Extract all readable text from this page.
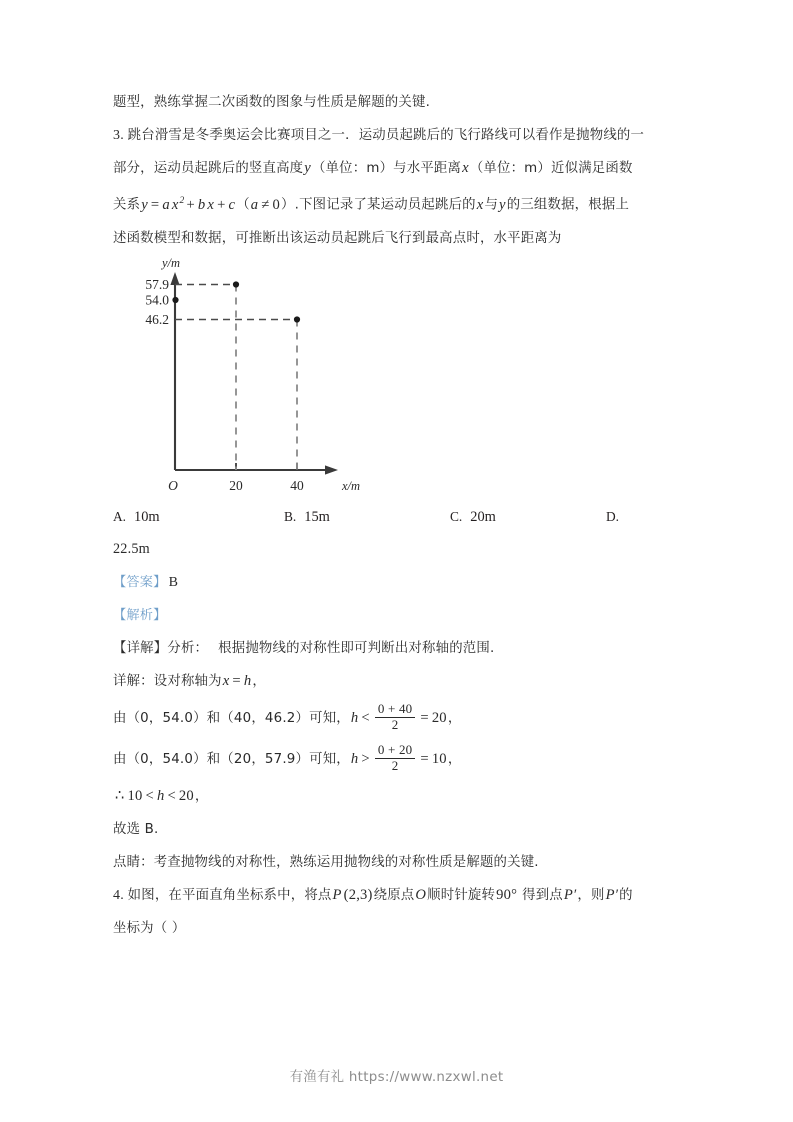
题型，熟练掌握二次函数的图象与性质是解题的关键.
3. 跳台滑雪是冬季奥运会比赛项目之一．运动员起跳后的飞行路线可以看作是抛物线的一
部分，运动员起跳后的竖直高度y（单位：m）与水平距离x（单位：m）近似满足函数
关系y = a $x^2 + b$ x + c（a ≠ 0）.下图记录了某运动员起跳后的x与y的三组数据，根据上
述函数模型和数据，可推断出该运动员起跳后飞行到最高点时，水平距离为
57.9
54.0
46.2
y/m
O	20	40	x/m
A. 10m	B. 15m	C. 20m	D.
22.5m
【答案】 B
【解析】
【详解】分析： 根据抛物线的对称性即可判断出对称轴的范围.
详解：设对称轴为x = h，
由（0，54.0）和（40，46.2）可知，$h < \frac{0 + 40}{2} = 20$，
由（0，54.0）和（20，57.9）可知，$h > \frac{0 + 20}{2} = 10$，
∴ 10 < h < 20，
故选 B.
点睛：考查抛物线的对称性，熟练运用抛物线的对称性质是解题的关键.
4. 如图，在平面直角坐标系中，将点P (2,3)绕原点O顺时针旋转90° 得到点P′，则P′的
坐标为（ ）
有渔有礼 https://www.nzxwl.net
